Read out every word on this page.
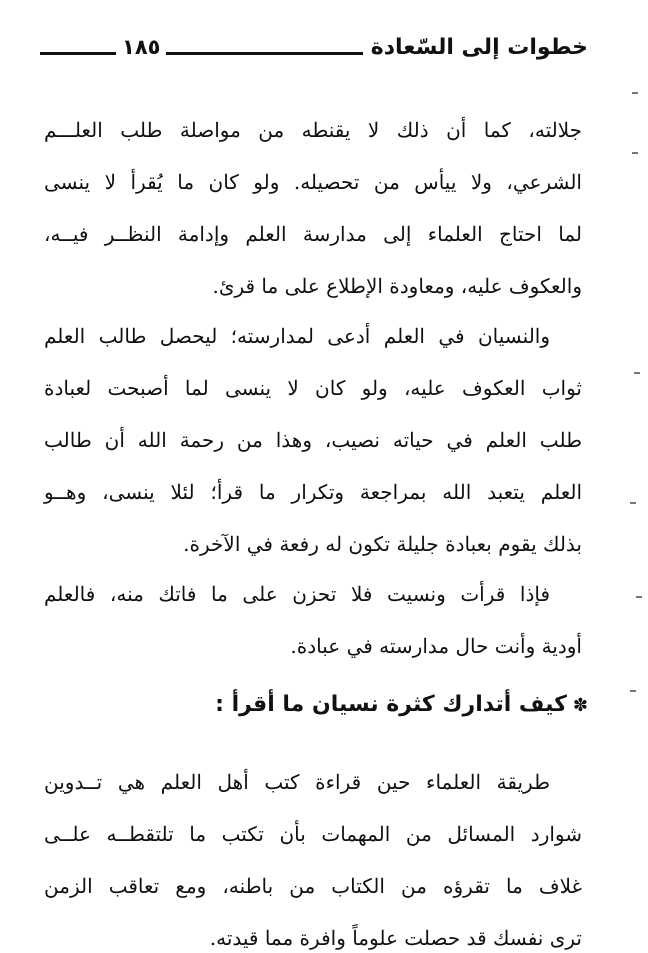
خطوات إلى السّعادة
١٨٥
جلالته، كما أن ذلك لا يقنطه من مواصلة طلب العلـــم
الشرعي، ولا ييأس من تحصيله. ولو كان ما يُقرأ لا ينسى
لما احتاج العلماء إلى مدارسة العلم وإدامة النظــر فيــه،
والعكوف عليه، ومعاودة الإطلاع على ما قرئ.
والنسيان في العلم أدعى لمدارسته؛ ليحصل طالب العلم
ثواب العكوف عليه، ولو كان لا ينسى لما أصبحت لعبادة
طلب العلم في حياته نصيب، وهذا من رحمة الله أن طالب
العلم يتعبد الله بمراجعة وتكرار ما قرأ؛ لئلا ينسى، وهــو
بذلك يقوم بعبادة جليلة تكون له رفعة في الآخرة.
فإذا قرأت ونسيت فلا تحزن على ما فاتك منه، فالعلم
أودية وأنت حال مدارسته في عبادة.
✽كيف أتدارك كثرة نسيان ما أقرأ :
طريقة العلماء حين قراءة كتب أهل العلم هي تــدوين
شوارد المسائل من المهمات بأن تكتب ما تلتقطــه علــى
غلاف ما تقرؤه من الكتاب من باطنه، ومع تعاقب الزمن
ترى نفسك قد حصلت علوماً وافرة مما قيدته.
